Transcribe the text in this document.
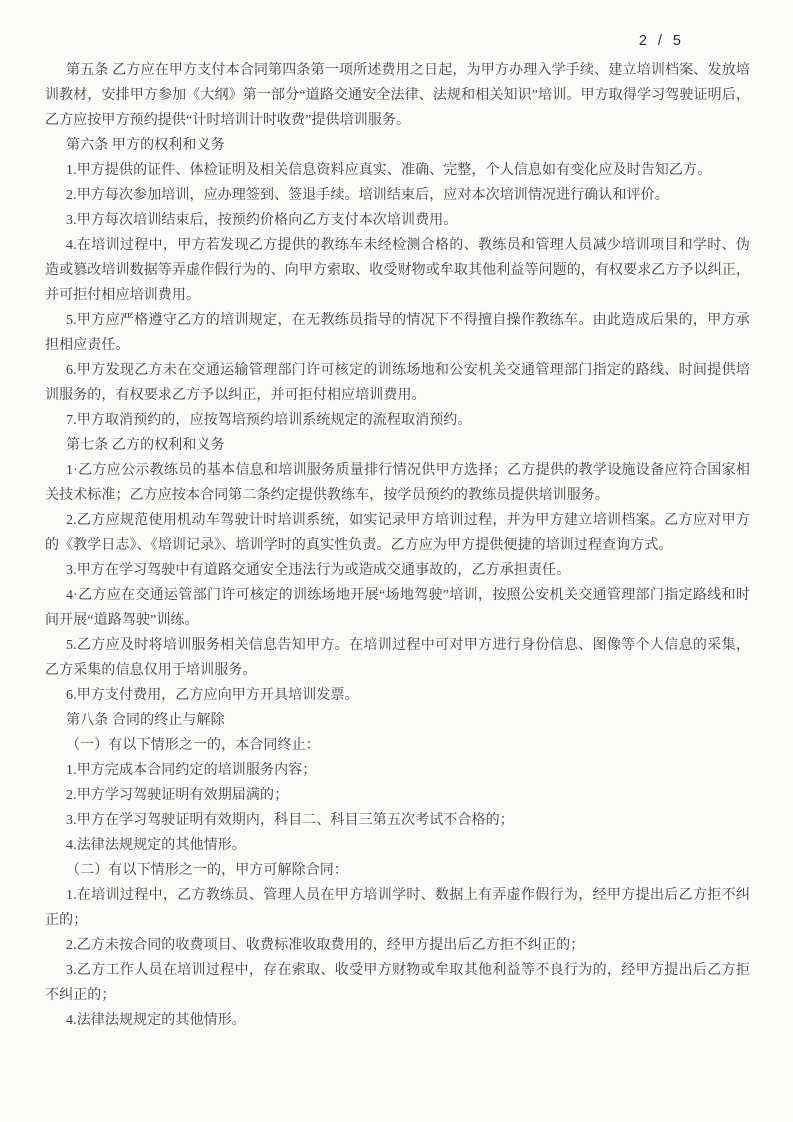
2 / 5

第五条 乙方应在甲方支付本合同第四条第一项所述费用之日起，为甲方办理入学手续、建立培训档案、发放培训教材，安排甲方参加《大纲》第一部分“道路交通安全法律、法规和相关知识”培训。甲方取得学习驾驶证明后，乙方应按甲方预约提供“计时培训计时收费”提供培训服务。

第六条 甲方的权利和义务

1.甲方提供的证件、体检证明及相关信息资料应真实、准确、完整，个人信息如有变化应及时告知乙方。

2.甲方每次参加培训，应办理签到、签退手续。培训结束后，应对本次培训情况进行确认和评价。

3.甲方每次培训结束后，按预约价格向乙方支付本次培训费用。

4.在培训过程中，甲方若发现乙方提供的教练车未经检测合格的、教练员和管理人员减少培训项目和学时、伪造或篡改培训数据等弄虚作假行为的、向甲方索取、收受财物或牟取其他利益等问题的，有权要求乙方予以纠正，并可拒付相应培训费用。

5.甲方应严格遵守乙方的培训规定，在无教练员指导的情况下不得擅自操作教练车。由此造成后果的，甲方承担相应责任。

6.甲方发现乙方未在交通运输管理部门许可核定的训练场地和公安机关交通管理部门指定的路线、时间提供培训服务的，有权要求乙方予以纠正，并可拒付相应培训费用。

7.甲方取消预约的，应按驾培预约培训系统规定的流程取消预约。

第七条 乙方的权利和义务

1·乙方应公示教练员的基本信息和培训服务质量排行情况供甲方选择；乙方提供的教学设施设备应符合国家相关技术标准；乙方应按本合同第二条约定提供教练车，按学员预约的教练员提供培训服务。

2.乙方应规范使用机动车驾驶计时培训系统，如实记录甲方培训过程，并为甲方建立培训档案。乙方应对甲方的《教学日志》、《培训记录》、培训学时的真实性负责。乙方应为甲方提供便捷的培训过程查询方式。

3.甲方在学习驾驶中有道路交通安全违法行为或造成交通事故的，乙方承担责任。

4·乙方应在交通运管部门许可核定的训练场地开展“场地驾驶”培训，按照公安机关交通管理部门指定路线和时间开展“道路驾驶”训练。

5.乙方应及时将培训服务相关信息告知甲方。在培训过程中可对甲方进行身份信息、图像等个人信息的采集，乙方采集的信息仅用于培训服务。

6.甲方支付费用，乙方应向甲方开具培训发票。

第八条 合同的终止与解除

（一）有以下情形之一的，本合同终止：

1.甲方完成本合同约定的培训服务内容；

2.甲方学习驾驶证明有效期届满的；

3.甲方在学习驾驶证明有效期内，科目二、科目三第五次考试不合格的；

4.法律法规规定的其他情形。

（二）有以下情形之一的，甲方可解除合同：

1.在培训过程中，乙方教练员、管理人员在甲方培训学时、数据上有弄虚作假行为，经甲方提出后乙方拒不纠正的；

2.乙方未按合同的收费项目、收费标准收取费用的，经甲方提出后乙方拒不纠正的；

3.乙方工作人员在培训过程中，存在索取、收受甲方财物或牟取其他利益等不良行为的，经甲方提出后乙方拒不纠正的；

4.法律法规规定的其他情形。
